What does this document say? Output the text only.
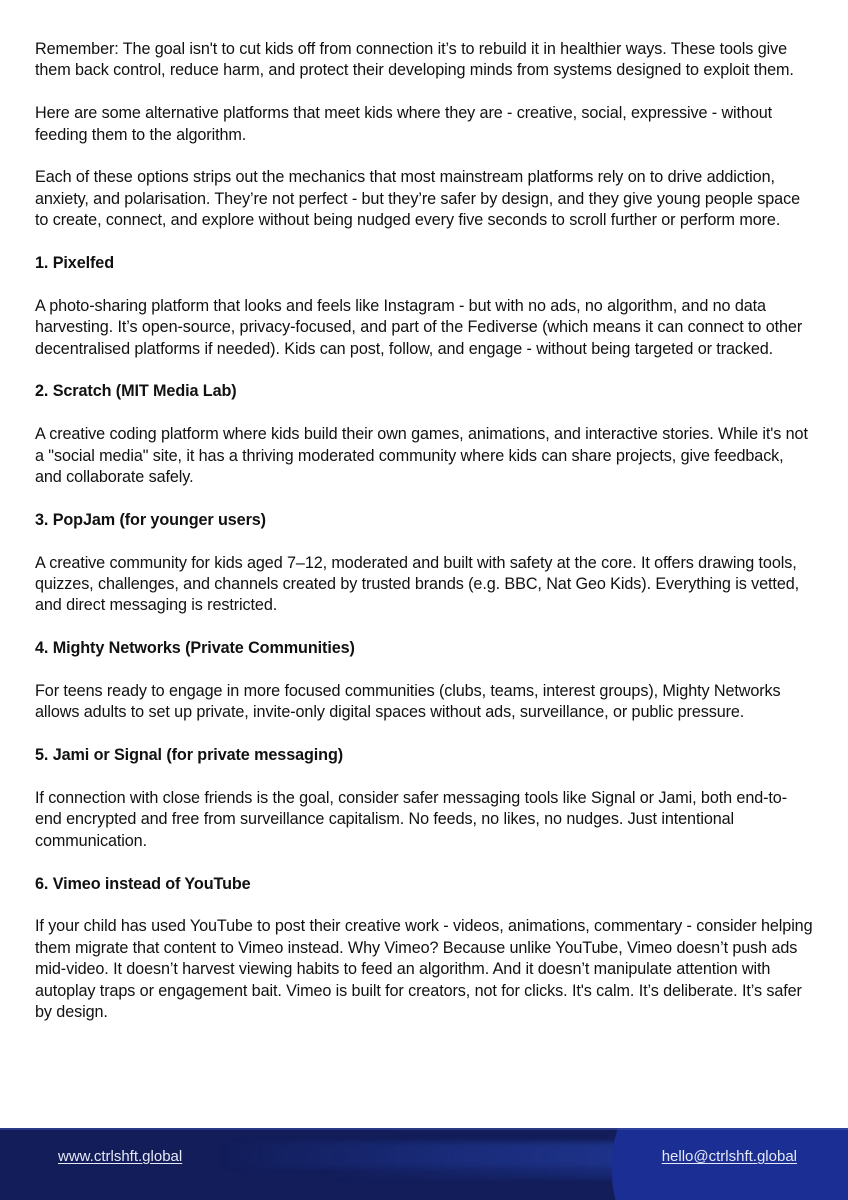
Remember: The goal isn't to cut kids off from connection it’s to rebuild it in healthier ways. These tools give them back control, reduce harm, and protect their developing minds from systems designed to exploit them.

Here are some alternative platforms that meet kids where they are - creative, social, expressive - without feeding them to the algorithm.

Each of these options strips out the mechanics that most mainstream platforms rely on to drive addiction, anxiety, and polarisation. They’re not perfect - but they’re safer by design, and they give young people space to create, connect, and explore without being nudged every five seconds to scroll further or perform more.

1. Pixelfed

A photo-sharing platform that looks and feels like Instagram - but with no ads, no algorithm, and no data harvesting. It’s open-source, privacy-focused, and part of the Fediverse (which means it can connect to other decentralised platforms if needed). Kids can post, follow, and engage - without being targeted or tracked.

2. Scratch (MIT Media Lab)

A creative coding platform where kids build their own games, animations, and interactive stories. While it's not a "social media" site, it has a thriving moderated community where kids can share projects, give feedback, and collaborate safely.

3. PopJam (for younger users)

A creative community for kids aged 7–12, moderated and built with safety at the core. It offers drawing tools, quizzes, challenges, and channels created by trusted brands (e.g. BBC, Nat Geo Kids). Everything is vetted, and direct messaging is restricted.

4. Mighty Networks (Private Communities)

For teens ready to engage in more focused communities (clubs, teams, interest groups), Mighty Networks allows adults to set up private, invite-only digital spaces without ads, surveillance, or public pressure.

5. Jami or Signal (for private messaging)

If connection with close friends is the goal, consider safer messaging tools like Signal or Jami, both end-to-end encrypted and free from surveillance capitalism. No feeds, no likes, no nudges. Just intentional communication.

6. Vimeo instead of YouTube

If your child has used YouTube to post their creative work - videos, animations, commentary - consider helping them migrate that content to Vimeo instead. Why Vimeo? Because unlike YouTube, Vimeo doesn’t push ads mid-video. It doesn’t harvest viewing habits to feed an algorithm. And it doesn’t manipulate attention with autoplay traps or engagement bait. Vimeo is built for creators, not for clicks. It's calm. It’s deliberate. It’s safer by design.

www.ctrlshft.global	hello@ctrlshft.global
